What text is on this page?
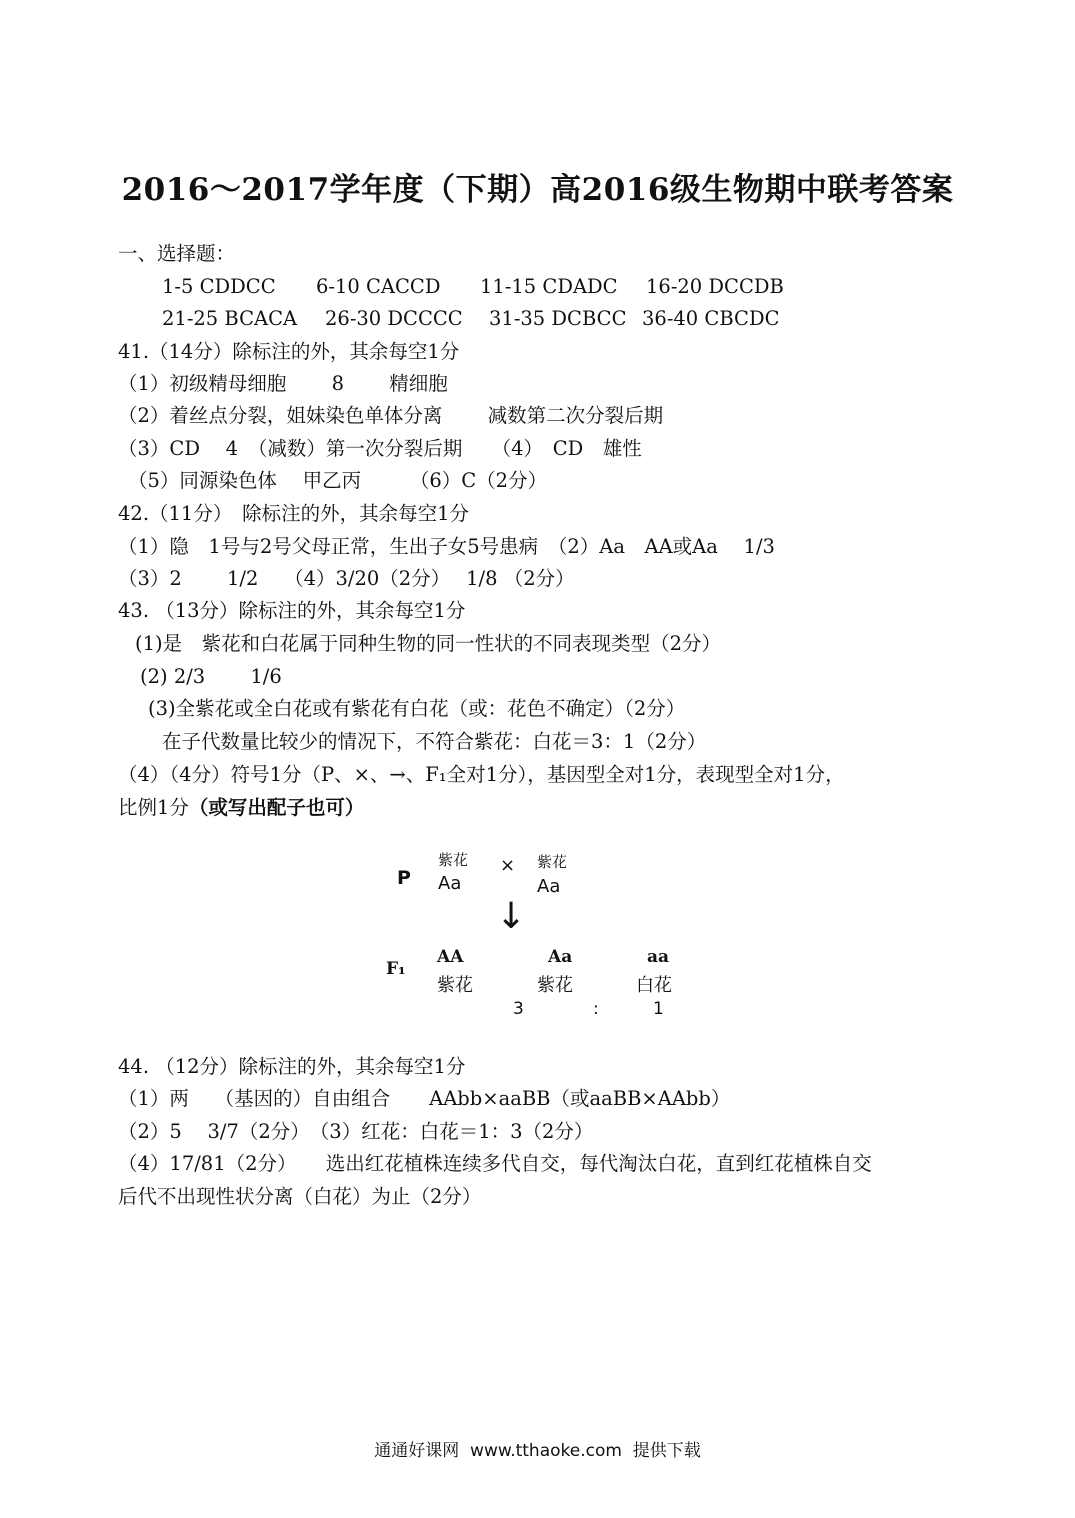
2016～2017学年度（下期）高2016级生物期中联考答案
一、选择题：
1-5 CDDCC 6-10 CACCD 11-15 CDADC 16-20 DCCDB
21-25 BCACA 26-30 DCCCC 31-35 DCBCC 36-40 CBCDC
41.（14分）除标注的外，其余每空1分
（1）初级精母细胞　　 8　　 精细胞
（2）着丝点分裂，姐妹染色单体分离　　 减数第二次分裂后期
（3）CD　 4　（减数）第一次分裂后期　　（4）　CD　雄性
（5）同源染色体　 甲乙丙　　　（6）C（2分）
42.（11分）　除标注的外，其余每空1分
（1）隐　1号与2号父母正常，生出子女5号患病　（2）Aa　AA或Aa　 1/3
（3）2　　 1/2　 （4）3/20（2分）　 1/8 （2分）
43. （13分）除标注的外，其余每空1分
(1)是　紫花和白花属于同种生物的同一性状的不同表现类型（2分）
(2) 2/3　　 1/6
(3)全紫花或全白花或有紫花有白花（或：花色不确定）（2分）
在子代数量比较少的情况下，不符合紫花：白花＝3：1（2分）
（4）（4分）符号1分（P、×、→、F₁全对1分），基因型全对1分，表现型全对1分，
比例1分（或写出配子也可）
P
紫花
Aa
× 紫花
Aa
↓
F₁
AA
紫花
Aa
紫花
aa
白花
3	:	1
44. （12分）除标注的外，其余每空1分
（1）两　 （基因的）自由组合　　AAbb×aaBB（或aaBB×AAbb）
（2）5　 3/7（2分）　（3）红花：白花＝1：3（2分）
（4）17/81（2分）　　选出红花植株连续多代自交，每代淘汰白花，直到红花植株自交
后代不出现性状分离（白花）为止（2分）
通通好课网  www.tthaoke.com  提供下载
